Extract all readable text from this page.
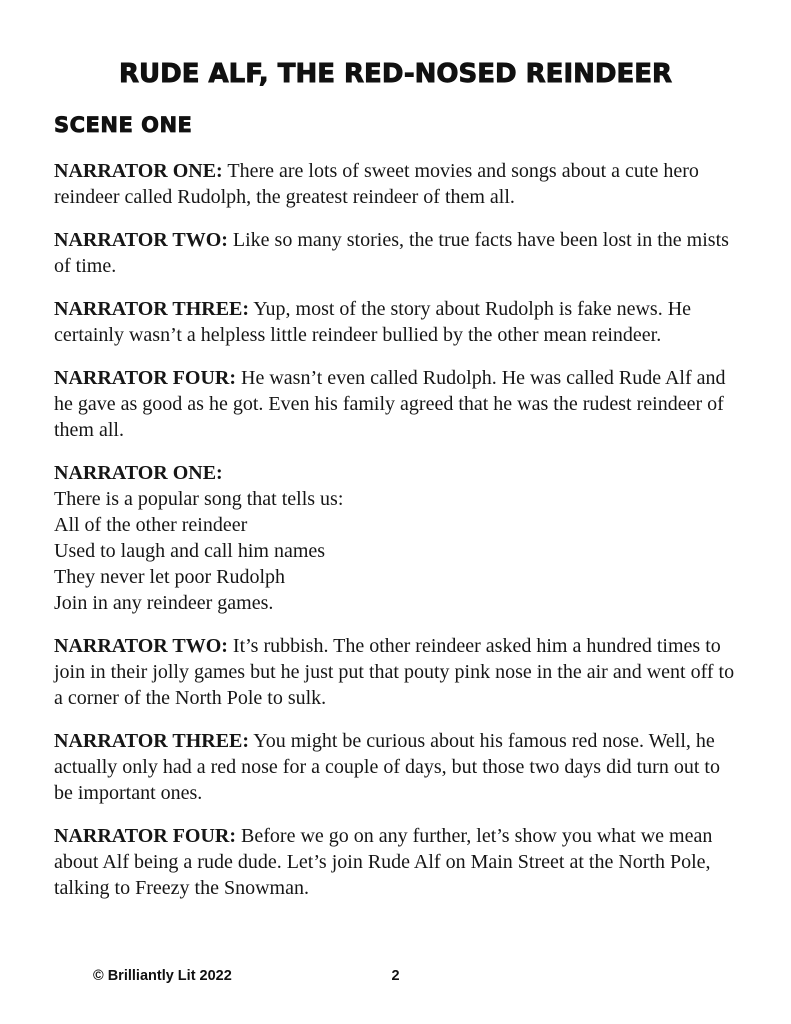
RUDE ALF, THE RED-NOSED REINDEER
SCENE ONE

NARRATOR ONE: There are lots of sweet movies and songs about a cute hero reindeer called Rudolph, the greatest reindeer of them all.

NARRATOR TWO: Like so many stories, the true facts have been lost in the mists of time.

NARRATOR THREE: Yup, most of the story about Rudolph is fake news. He certainly wasn’t a helpless little reindeer bullied by the other mean reindeer.

NARRATOR FOUR: He wasn’t even called Rudolph. He was called Rude Alf and he gave as good as he got. Even his family agreed that he was the rudest reindeer of them all.

NARRATOR ONE:

There is a popular song that tells us:

All of the other reindeer

Used to laugh and call him names

They never let poor Rudolph

Join in any reindeer games.

NARRATOR TWO: It’s rubbish. The other reindeer asked him a hundred times to join in their jolly games but he just put that pouty pink nose in the air and went off to a corner of the North Pole to sulk.

NARRATOR THREE: You might be curious about his famous red nose. Well, he actually only had a red nose for a couple of days, but those two days did turn out to be important ones.

NARRATOR FOUR: Before we go on any further, let’s show you what we mean about Alf being a rude dude. Let’s join Rude Alf on Main Street at the North Pole, talking to Freezy the Snowman.

© Brilliantly Lit 2022	2
